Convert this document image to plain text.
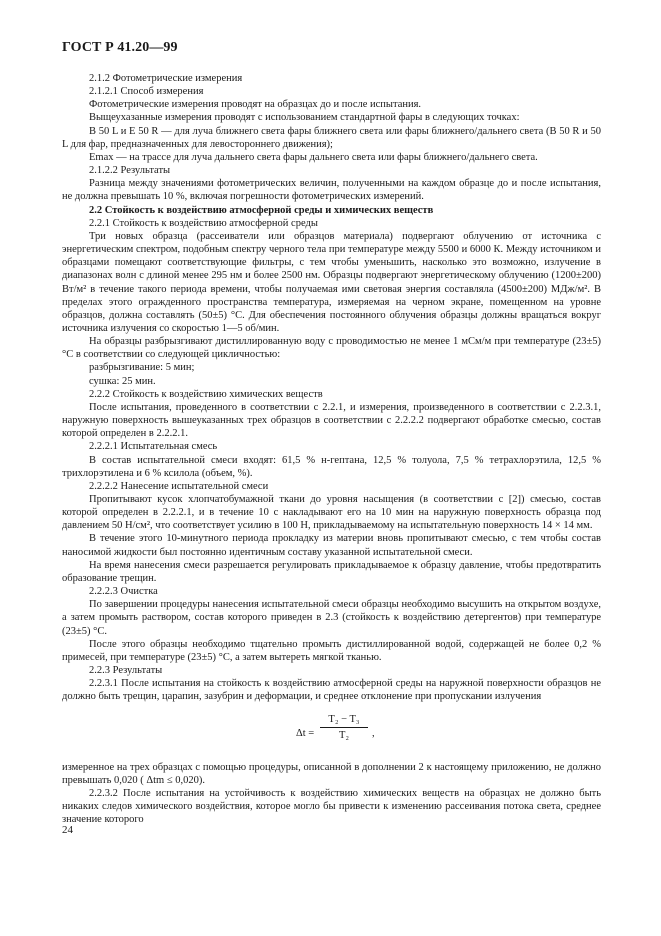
ГОСТ Р 41.20—99

2.1.2 Фотометрические измерения

2.1.2.1 Способ измерения

Фотометрические измерения проводят на образцах до и после испытания.

Выщеухазанные измерения проводят с использованием стандартной фары в следующих точках:

B 50 L и E 50 R — для луча ближнего света фары ближнего света или фары ближнего/дальнего света (B 50 R и 50 L для фар, предназначенных для левостороннего движения);

Emax — на трассе для луча дальнего света фары дальнего света или фары ближнего/дальнего света.

2.1.2.2 Результаты

Разница между значениями фотометрических величин, полученными на каждом образце до и после испытания, не должна превышать 10 %, включая погрешности фотометрических измерений.

2.2 Стойкость к воздействию атмосферной среды и химических веществ

2.2.1 Стойкость к воздействию атмосферной среды

Три новых образца (рассеиватели или образцов материала) подвергают облучению от источника с энергетическим спектром, подобным спектру черного тела при температуре между 5500 и 6000 К. Между источником и образцами помещают соответствующие фильтры, с тем чтобы уменьшить, насколько это возможно, излучение в диапазонах волн с длиной менее 295 нм и более 2500 нм. Образцы подвергают энергетическому облучению (1200±200) Вт/м² в течение такого периода времени, чтобы получаемая ими световая энергия составляла (4500±200) МДж/м². В пределах этого огражденного пространства температура, измеряемая на черном экране, помещенном на уровне образцов, должна составлять (50±5) °С. Для обеспечения постоянного облучения образцы должны вращаться вокруг источника излучения со скоростью 1—5 об/мин.

На образцы разбрызгивают дистиллированную воду с проводимостью не менее 1 мСм/м при температуре (23±5) °С в соответствии со следующей цикличностью:

разбрызгивание: 5 мин;

сушка: 25 мин.

2.2.2 Стойкость к воздействию химических веществ

После испытания, проведенного в соответствии с 2.2.1, и измерения, произведенного в соответствии с 2.2.3.1, наружную поверхность вышеуказанных трех образцов в соответствии с 2.2.2.2 подвергают обработке смесью, состав которой определен в 2.2.2.1.

2.2.2.1 Испытательная смесь

В состав испытательной смеси входят: 61,5 % н-гептана, 12,5 % толуола, 7,5 % тетрахлорэтила, 12,5 % трихлорэтилена и 6 % ксилола (объем, %).

2.2.2.2 Нанесение испытательной смеси

Пропитывают кусок хлопчатобумажной ткани до уровня насыщения (в соответствии с [2]) смесью, состав которой определен в 2.2.2.1, и в течение 10 с накладывают его на 10 мин на наружную поверхность образца под давлением 50 Н/см², что соответствует усилию в 100 Н, прикладываемому на испытательную поверхность 14 × 14 мм.

В течение этого 10-минутного периода прокладку из материи вновь пропитывают смесью, с тем чтобы состав наносимой жидкости был постоянно идентичным составу указанной испытательной смеси.

На время нанесения смеси разрешается регулировать прикладываемое к образцу давление, чтобы предотвратить образование трещин.

2.2.2.3 Очистка

По завершении процедуры нанесения испытательной смеси образцы необходимо высушить на открытом воздухе, а затем промыть раствором, состав которого приведен в 2.3 (стойкость к воздействию детергентов) при температуре (23±5) °С.

После этого образцы необходимо тщательно промыть дистиллированной водой, содержащей не более 0,2 % примесей, при температуре (23±5) °С, а затем вытереть мягкой тканью.

2.2.3 Результаты

2.2.3.1 После испытания на стойкость к воздействию атмосферной среды на наружной поверхности образцов не должно быть трещин, царапин, зазубрин и деформации, и среднее отклонение при пропускании излучения

$\Delta t = \frac{\text{T₂ − T₃}}{\text{T₂}}$ ,

измеренное на трех образцах с помощью процедуры, описанной в дополнении 2 к настоящему приложению, не должно превышать 0,020 ( Δtm ≤ 0,020).

2.2.3.2 После испытания на устойчивость к воздействию химических веществ на образцах не должно быть никаких следов химического воздействия, которое могло бы привести к изменению рассеивания потока света, среднее значение которого

24
